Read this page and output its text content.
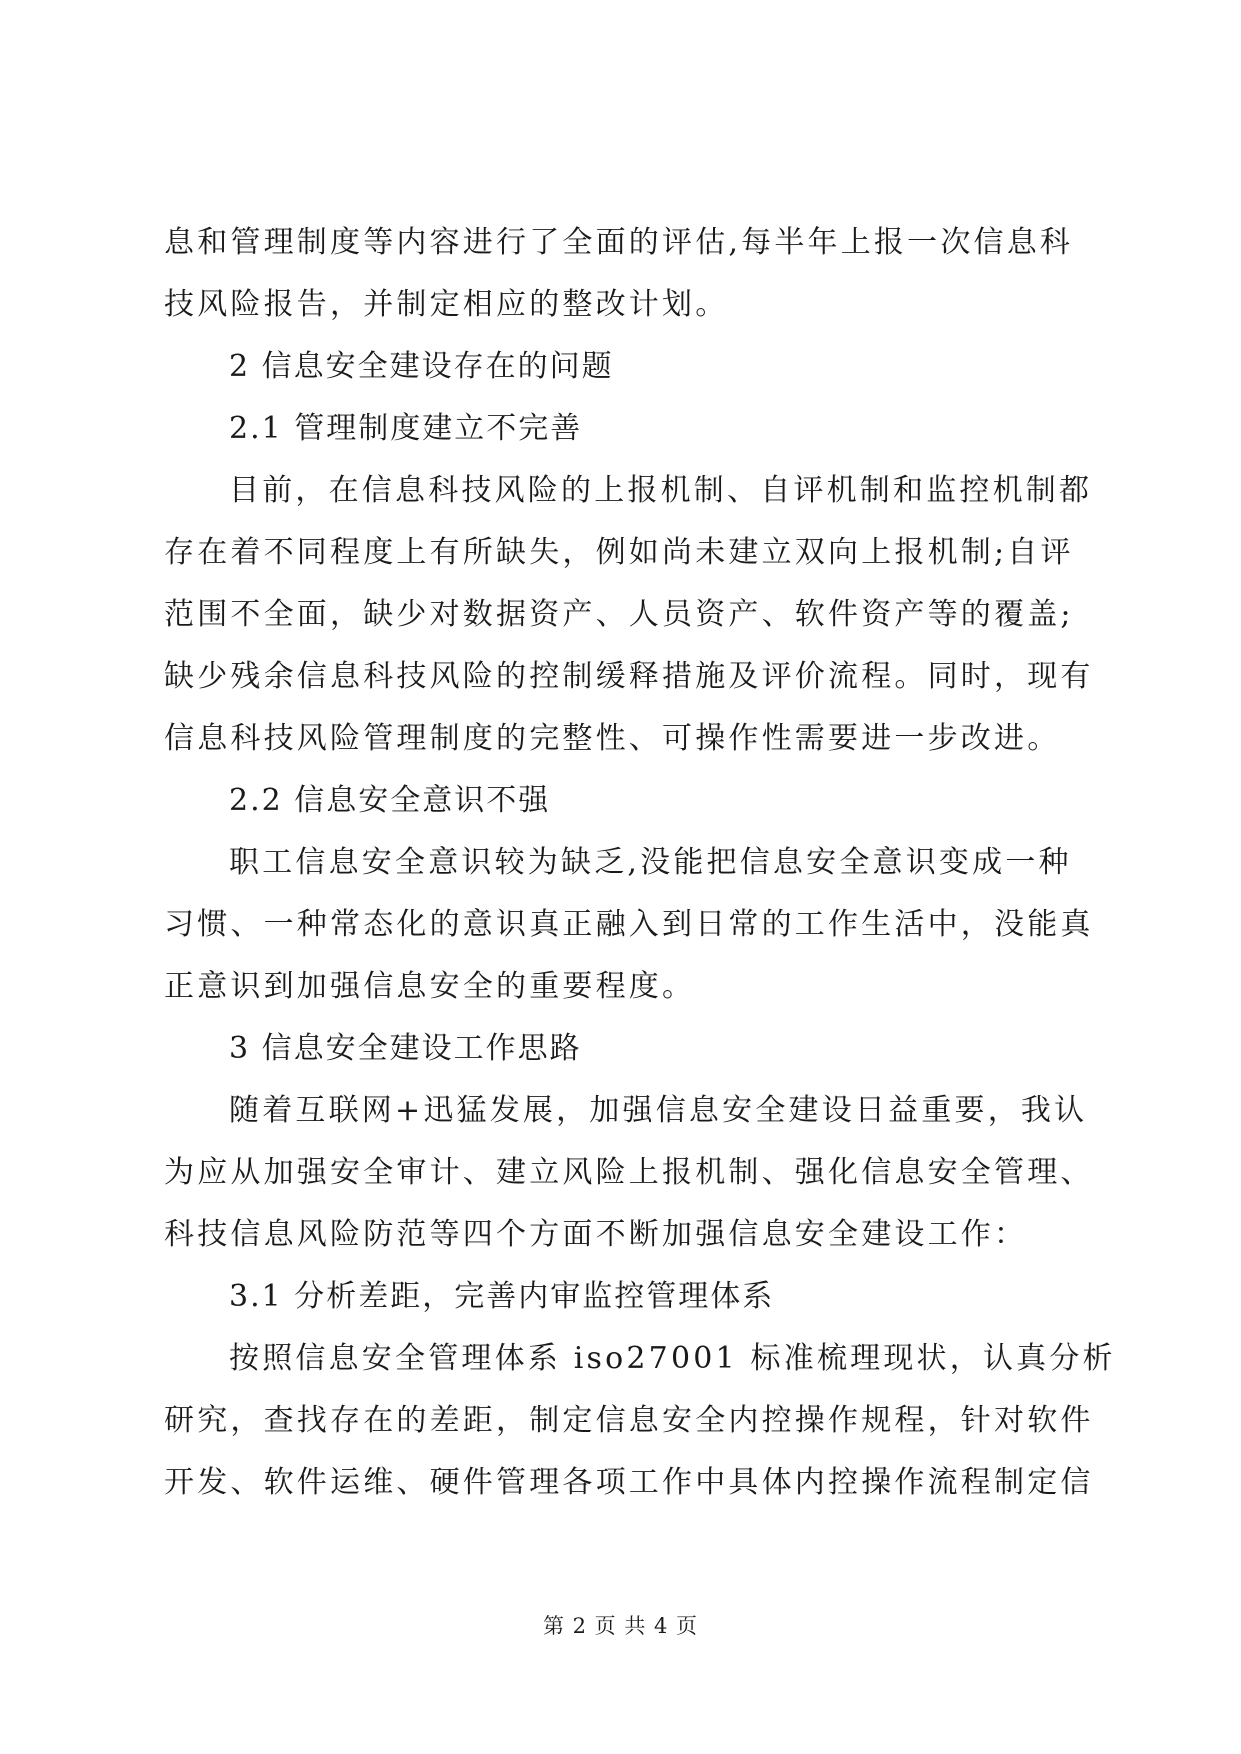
息和管理制度等内容进行了全面的评估,每半年上报一次信息科
技风险报告，并制定相应的整改计划。
2 信息安全建设存在的问题
2.1 管理制度建立不完善
目前，在信息科技风险的上报机制、自评机制和监控机制都
存在着不同程度上有所缺失，例如尚未建立双向上报机制;自评
范围不全面，缺少对数据资产、人员资产、软件资产等的覆盖;
缺少残余信息科技风险的控制缓释措施及评价流程。同时，现有
信息科技风险管理制度的完整性、可操作性需要进一步改进。
2.2 信息安全意识不强
职工信息安全意识较为缺乏,没能把信息安全意识变成一种
习惯、一种常态化的意识真正融入到日常的工作生活中，没能真
正意识到加强信息安全的重要程度。
3 信息安全建设工作思路
随着互联网+迅猛发展，加强信息安全建设日益重要，我认
为应从加强安全审计、建立风险上报机制、强化信息安全管理、
科技信息风险防范等四个方面不断加强信息安全建设工作：
3.1 分析差距，完善内审监控管理体系
按照信息安全管理体系 iso27001 标准梳理现状，认真分析
研究，查找存在的差距，制定信息安全内控操作规程，针对软件
开发、软件运维、硬件管理各项工作中具体内控操作流程制定信
第 2 页 共 4 页
